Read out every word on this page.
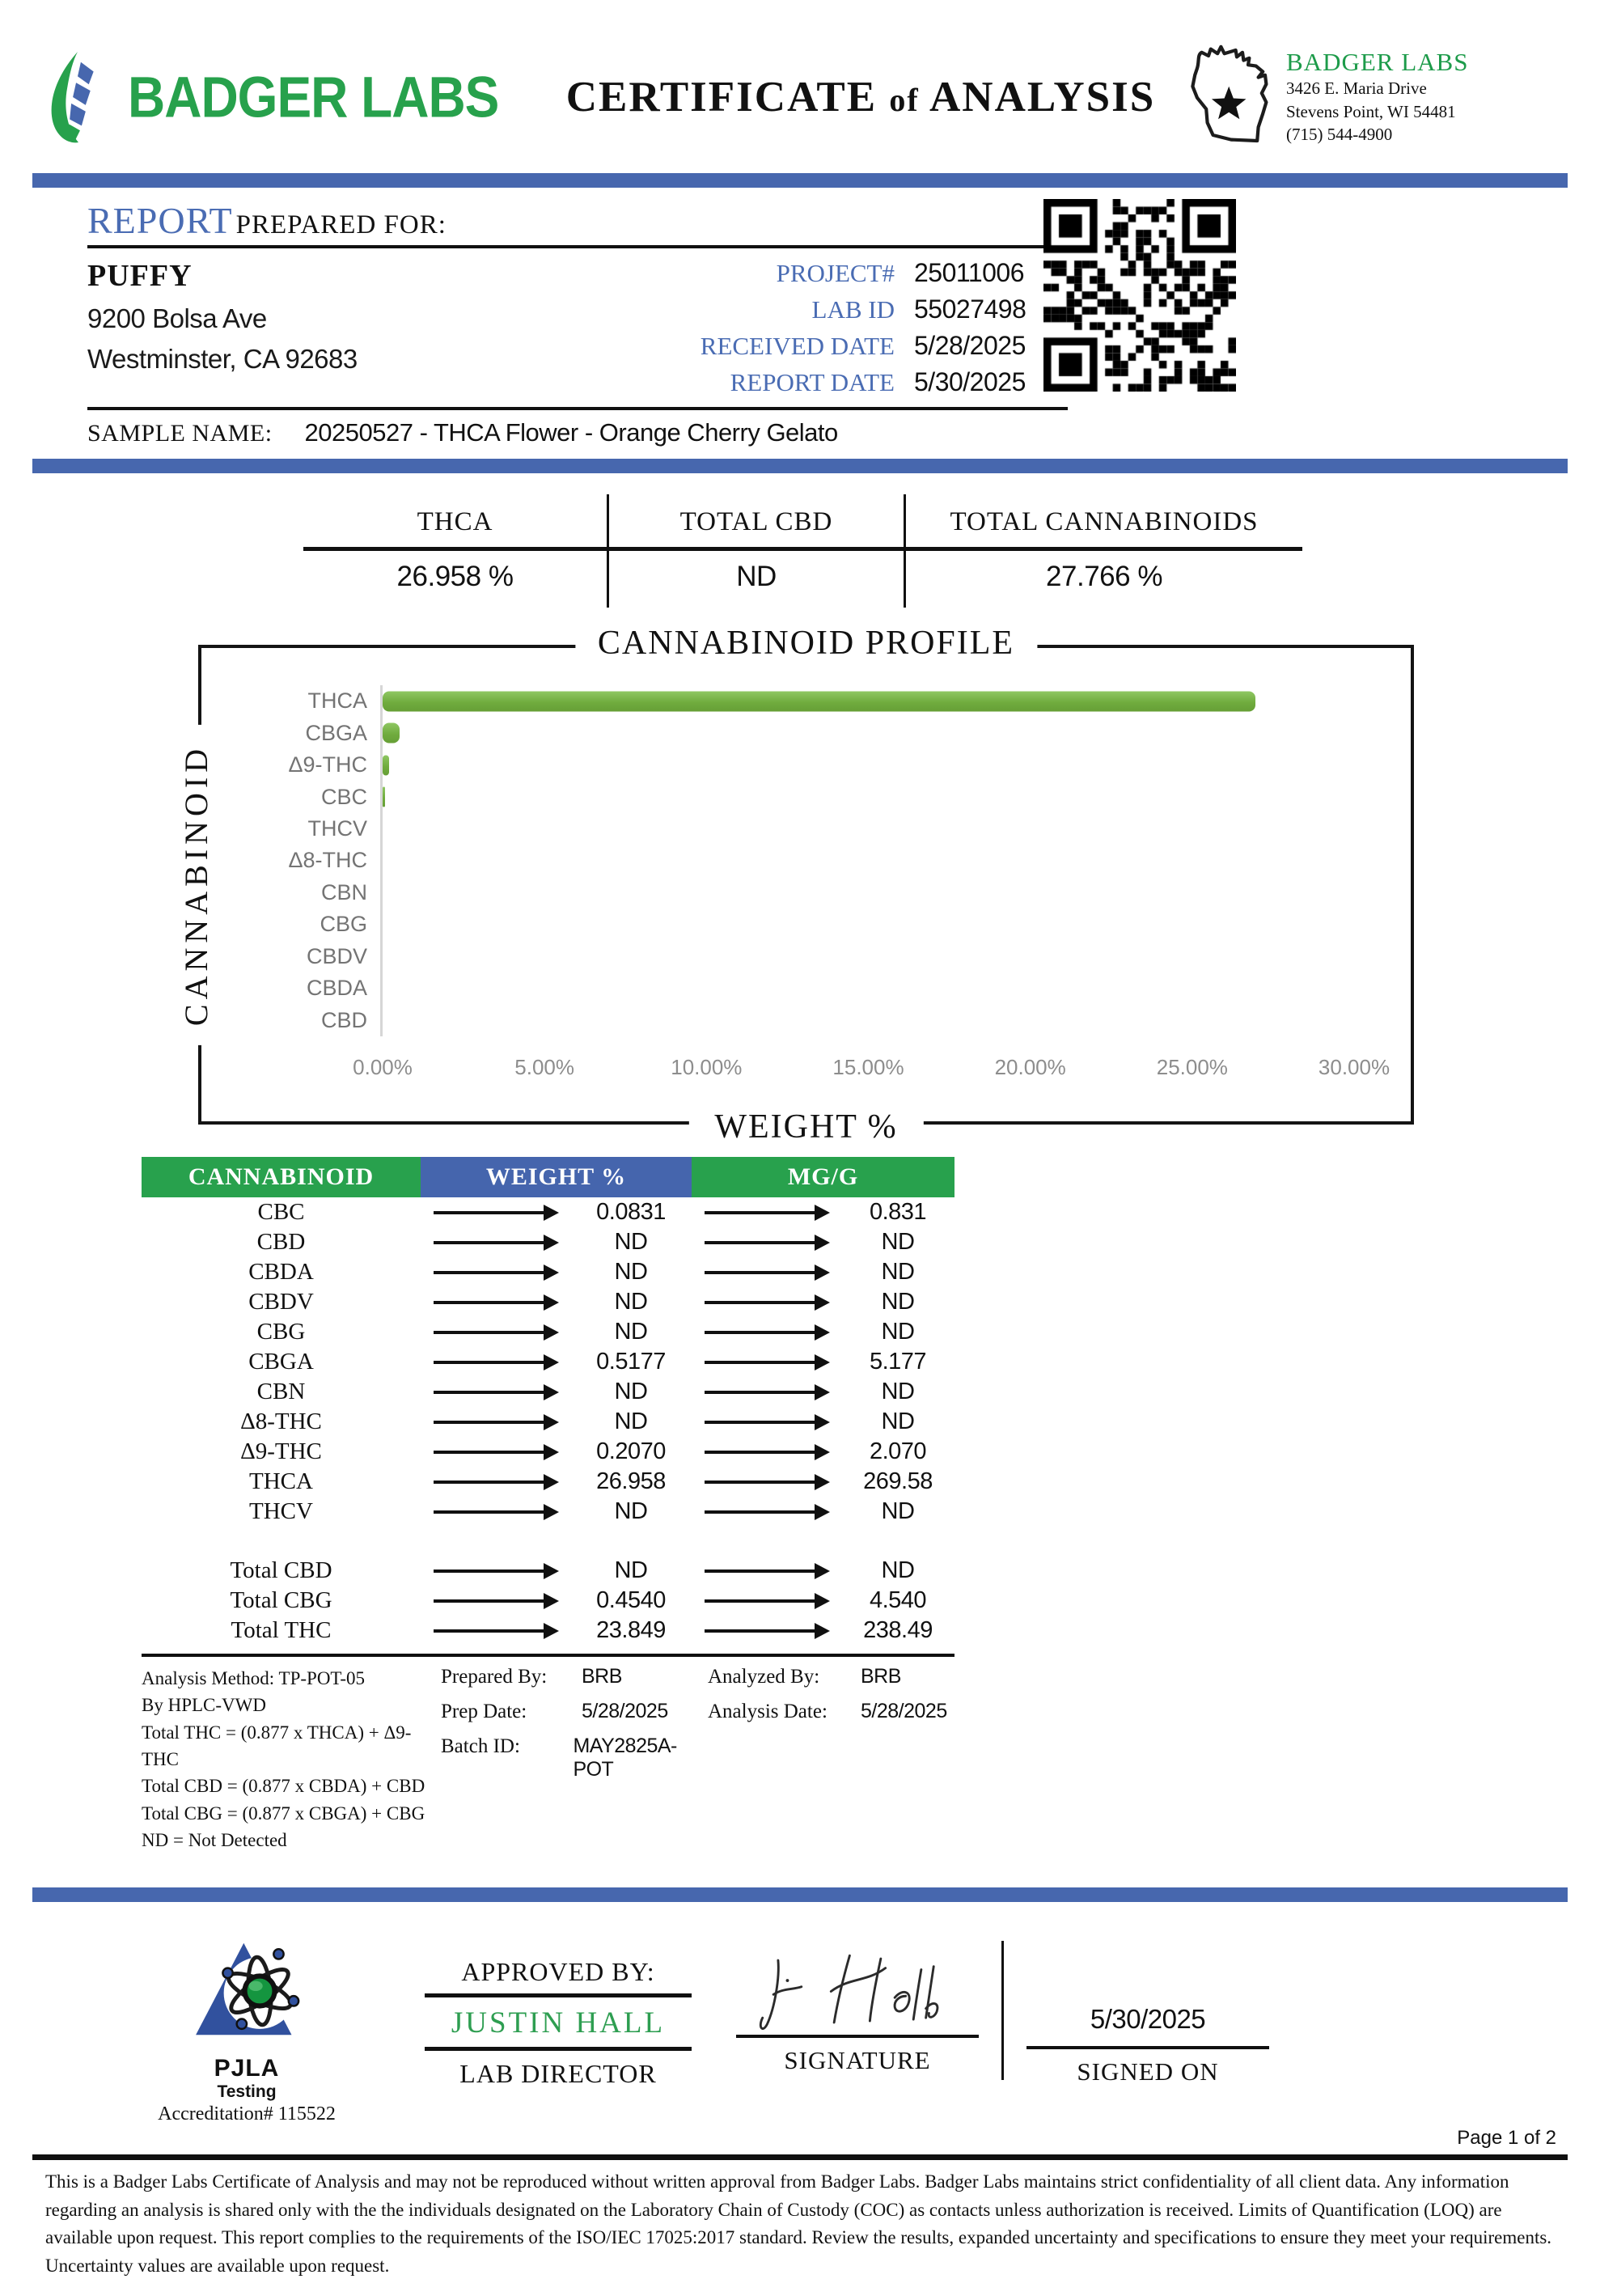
BADGER LABS	CERTIFICATE of ANALYSIS
BADGER LABS
3426 E. Maria Drive
Stevens Point, WI 54481
(715) 544-4900
REPORT PREPARED FOR:
PUFFY
9200 Bolsa Ave
Westminster, CA 92683
PROJECT# 25011006
LAB ID 55027498
RECEIVED DATE 5/28/2025
REPORT DATE 5/30/2025
SAMPLE NAME: 20250527 - THCA Flower - Orange Cherry Gelato
THCA
26.958 %
TOTAL CBD
ND
TOTAL CANNABINOIDS
27.766 %
CANNABINOID PROFILE
CANNABINOID
THCA
CBGA
Δ9-THC
CBC
THCV
Δ8-THC
CBN
CBG
CBDV
CBDA
CBD
0.00%	5.00%	10.00%	15.00%	20.00%	25.00%	30.00%
WEIGHT %
CANNABINOID	WEIGHT %	MG/G
CBC	0.0831	0.831
CBD	ND	ND
CBDA	ND	ND
CBDV	ND	ND
CBG	ND	ND
CBGA	0.5177	5.177
CBN	ND	ND
Δ8-THC	ND	ND
Δ9-THC	0.2070	2.070
THCA	26.958	269.58
THCV	ND	ND
Total CBD	ND	ND
Total CBG	0.4540	4.540
Total THC	23.849	238.49
Analysis Method: TP-POT-05
By HPLC-VWD
Total THC = (0.877 x THCA) + Δ9-THC
Total CBD = (0.877 x CBDA) + CBD
Total CBG = (0.877 x CBGA) + CBG
ND = Not Detected
Prepared By:	BRB
Prep Date:	5/28/2025
Batch ID:	MAY2825A-POT
Analyzed By:	BRB
Analysis Date:	5/28/2025
PJLA
Testing
Accreditation# 115522
APPROVED BY:
JUSTIN HALL
LAB DIRECTOR	SIGNATURE
5/30/2025
SIGNED ON
Page 1 of 2
This is a Badger Labs Certificate of Analysis and may not be reproduced without written approval from Badger Labs. Badger Labs maintains strict confidentiality of all client data. Any information regarding an analysis is shared only with the the individuals designated on the Laboratory Chain of Custody (COC) as contacts unless authorization is received. Limits of Quantification (LOQ) are available upon request. This report complies to the requirements of the ISO/IEC 17025:2017 standard. Review the results, expanded uncertainty and specifications to ensure they meet your requirements. Uncertainty values are available upon request.
